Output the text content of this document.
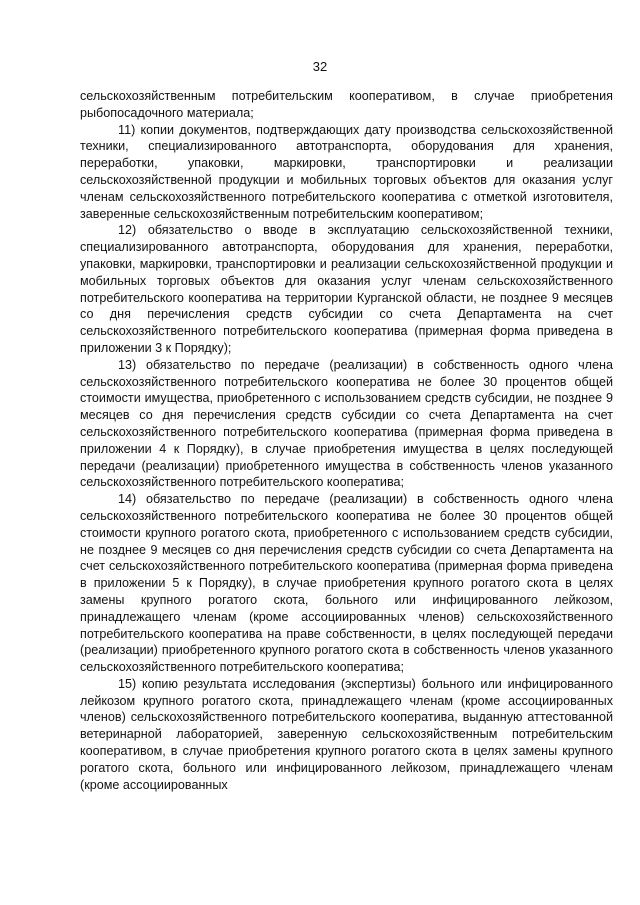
32

сельскохозяйственным потребительским кооперативом, в случае приобретения рыбопосадочного материала;

11) копии документов, подтверждающих дату производства сельскохозяйственной техники, специализированного автотранспорта, оборудования для хранения, переработки, упаковки, маркировки, транспортировки и реализации сельскохозяйственной продукции и мобильных торговых объектов для оказания услуг членам сельскохозяйственного потребительского кооператива с отметкой изготовителя, заверенные сельскохозяйственным потребительским кооперативом;

12) обязательство о вводе в эксплуатацию сельскохозяйственной техники, специализированного автотранспорта, оборудования для хранения, переработки, упаковки, маркировки, транспортировки и реализации сельскохозяйственной продукции и мобильных торговых объектов для оказания услуг членам сельскохозяйственного потребительского кооператива на территории Курганской области, не позднее 9 месяцев со дня перечисления средств субсидии со счета Департамента на счет сельскохозяйственного потребительского кооператива (примерная форма приведена в приложении 3 к Порядку);

13) обязательство по передаче (реализации) в собственность одного члена сельскохозяйственного потребительского кооператива не более 30 процентов общей стоимости имущества, приобретенного с использованием средств субсидии, не позднее 9 месяцев со дня перечисления средств субсидии со счета Департамента на счет сельскохозяйственного потребительского кооператива (примерная форма приведена в приложении 4 к Порядку), в случае приобретения имущества в целях последующей передачи (реализации) приобретенного имущества в собственность членов указанного сельскохозяйственного потребительского кооператива;

14) обязательство по передаче (реализации) в собственность одного члена сельскохозяйственного потребительского кооператива не более 30 процентов общей стоимости крупного рогатого скота, приобретенного с использованием средств субсидии, не позднее 9 месяцев со дня перечисления средств субсидии со счета Департамента на счет сельскохозяйственного потребительского кооператива (примерная форма приведена в приложении 5 к Порядку), в случае приобретения крупного рогатого скота в целях замены крупного рогатого скота, больного или инфицированного лейкозом, принадлежащего членам (кроме ассоциированных членов) сельскохозяйственного потребительского кооператива на праве собственности, в целях последующей передачи (реализации) приобретенного крупного рогатого скота в собственность членов указанного сельскохозяйственного потребительского кооператива;

15) копию результата исследования (экспертизы) больного или инфицированного лейкозом крупного рогатого скота, принадлежащего членам (кроме ассоциированных членов) сельскохозяйственного потребительского кооператива, выданную аттестованной ветеринарной лабораторией, заверенную сельскохозяйственным потребительским кооперативом, в случае приобретения крупного рогатого скота в целях замены крупного рогатого скота, больного или инфицированного лейкозом, принадлежащего членам (кроме ассоциированных
